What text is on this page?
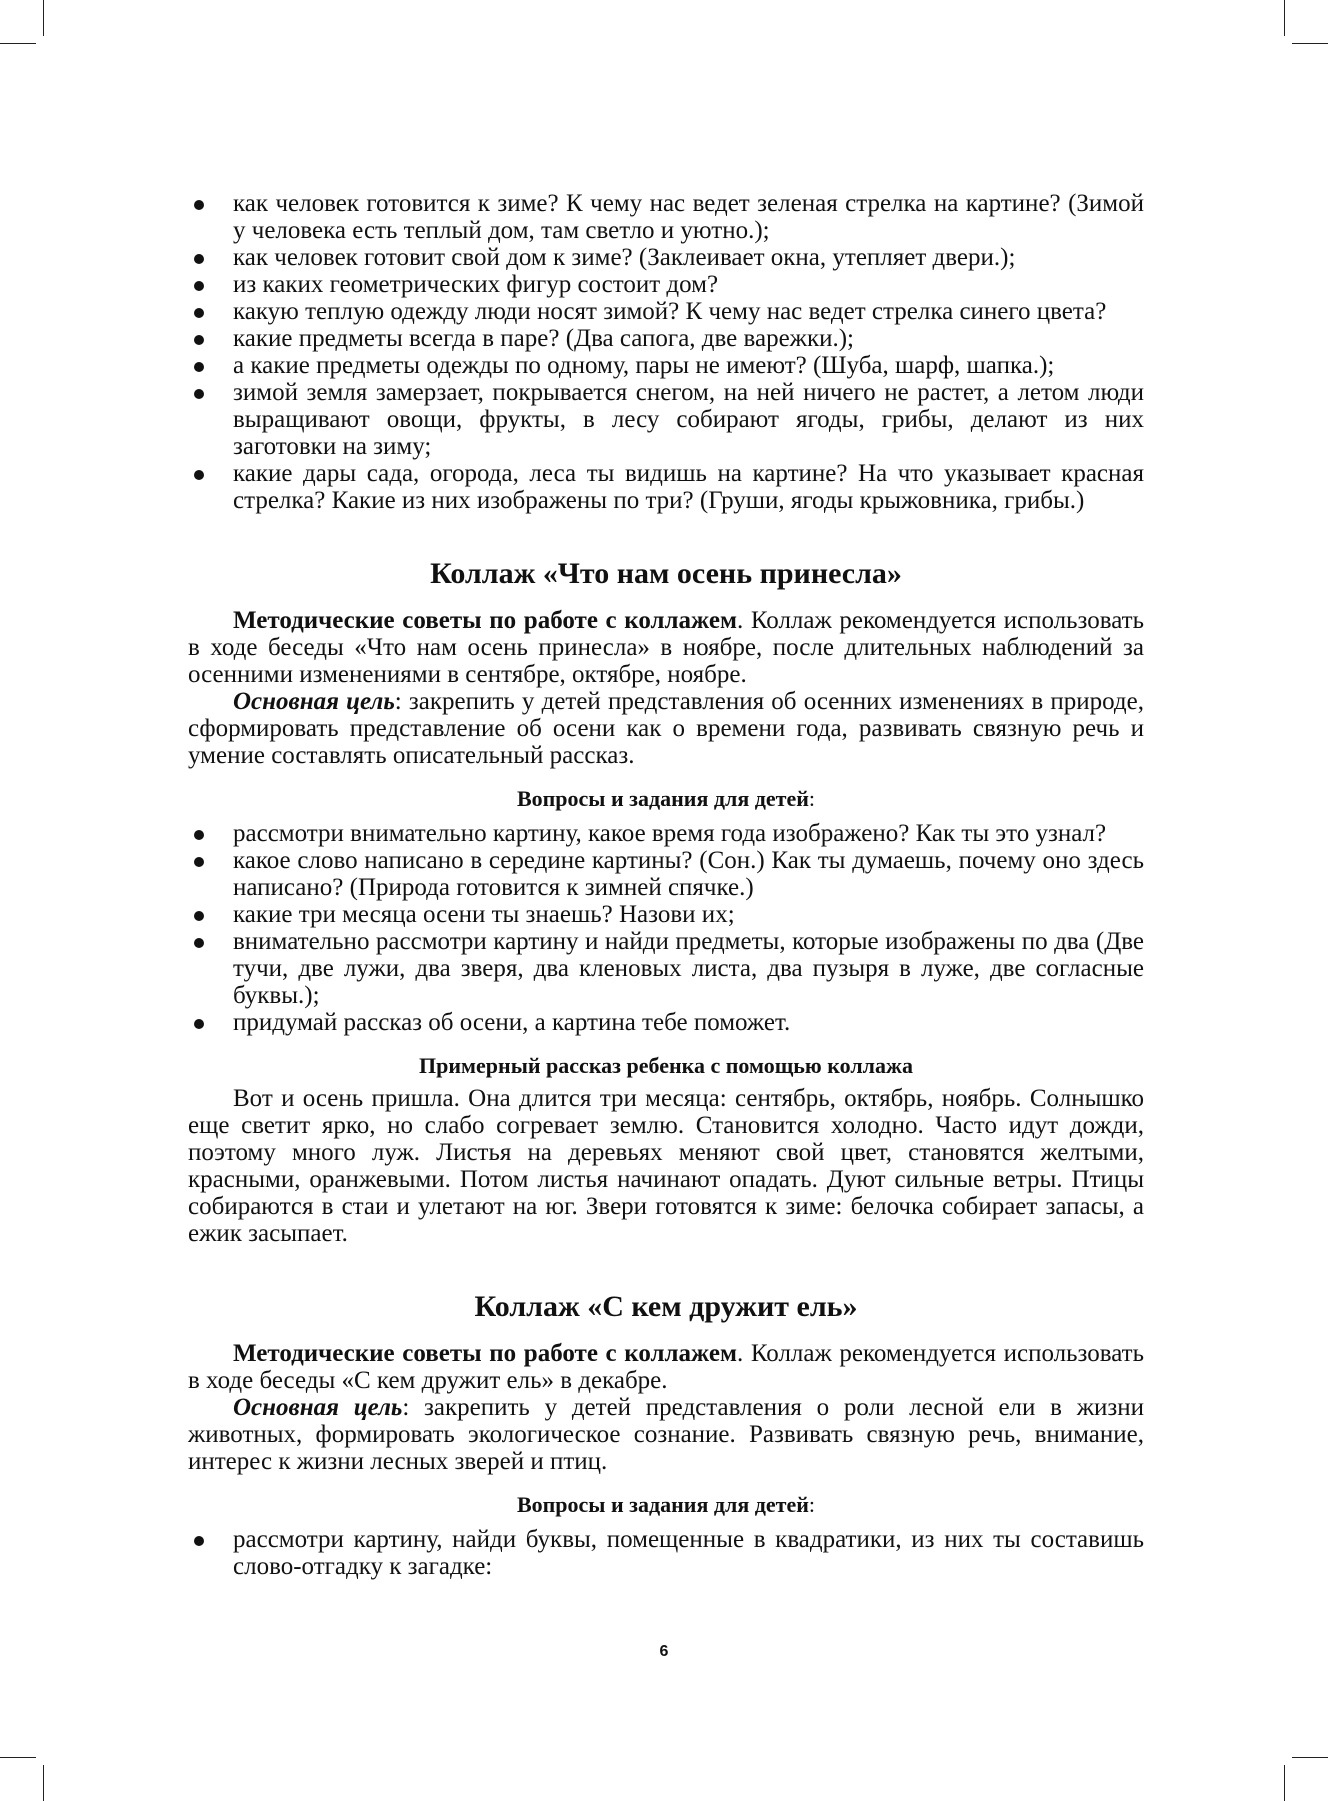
как человек готовится к зиме? К чему нас ведет зеленая стрелка на картине? (Зимой у человека есть теплый дом, там светло и уютно.);
как человек готовит свой дом к зиме? (Заклеивает окна, утепляет двери.);
из каких геометрических фигур состоит дом?
какую теплую одежду люди носят зимой? К чему нас ведет стрелка синего цвета?
какие предметы всегда в паре? (Два сапога, две варежки.);
а какие предметы одежды по одному, пары не имеют? (Шуба, шарф, шапка.);
зимой земля замерзает, покрывается снегом, на ней ничего не растет, а летом люди выращивают овощи, фрукты, в лесу собирают ягоды, грибы, делают из них заготовки на зиму;
какие дары сада, огорода, леса ты видишь на картине? На что указывает красная стрелка? Какие из них изображены по три? (Груши, ягоды крыжовника, грибы.)
Коллаж «Что нам осень принесла»

Методические советы по работе с коллажем. Коллаж рекомендуется использовать в ходе беседы «Что нам осень принесла» в ноябре, после длительных наблюдений за осенними изменениями в сентябре, октябре, ноябре.

Основная цель: закрепить у детей представления об осенних изменениях в природе, сформировать представление об осени как о времени года, развивать связную речь и умение составлять описательный рассказ.

Вопросы и задания для детей:
рассмотри внимательно картину, какое время года изображено? Как ты это узнал?
какое слово написано в середине картины? (Сон.) Как ты думаешь, почему оно здесь написано? (Природа готовится к зимней спячке.)
какие три месяца осени ты знаешь? Назови их;
внимательно рассмотри картину и найди предметы, которые изображены по два (Две тучи, две лужи, два зверя, два кленовых листа, два пузыря в луже, две согласные буквы.);
придумай рассказ об осени, а картина тебе поможет.
Примерный рассказ ребенка с помощью коллажа

Вот и осень пришла. Она длится три месяца: сентябрь, октябрь, ноябрь. Солнышко еще светит ярко, но слабо согревает землю. Становится холодно. Часто идут дожди, поэтому много луж. Листья на деревьях меняют свой цвет, становятся желтыми, красными, оранжевыми. Потом листья начинают опадать. Дуют сильные ветры. Птицы собираются в стаи и улетают на юг. Звери готовятся к зиме: белочка собирает запасы, а ежик засыпает.

Коллаж «С кем дружит ель»

Методические советы по работе с коллажем. Коллаж рекомендуется использовать в ходе беседы «С кем дружит ель» в декабре.

Основная цель: закрепить у детей представления о роли лесной ели в жизни животных, формировать экологическое сознание. Развивать связную речь, внимание, интерес к жизни лесных зверей и птиц.

Вопросы и задания для детей:
рассмотри картину, найди буквы, помещенные в квадратики, из них ты составишь слово-отгадку к загадке:
6
